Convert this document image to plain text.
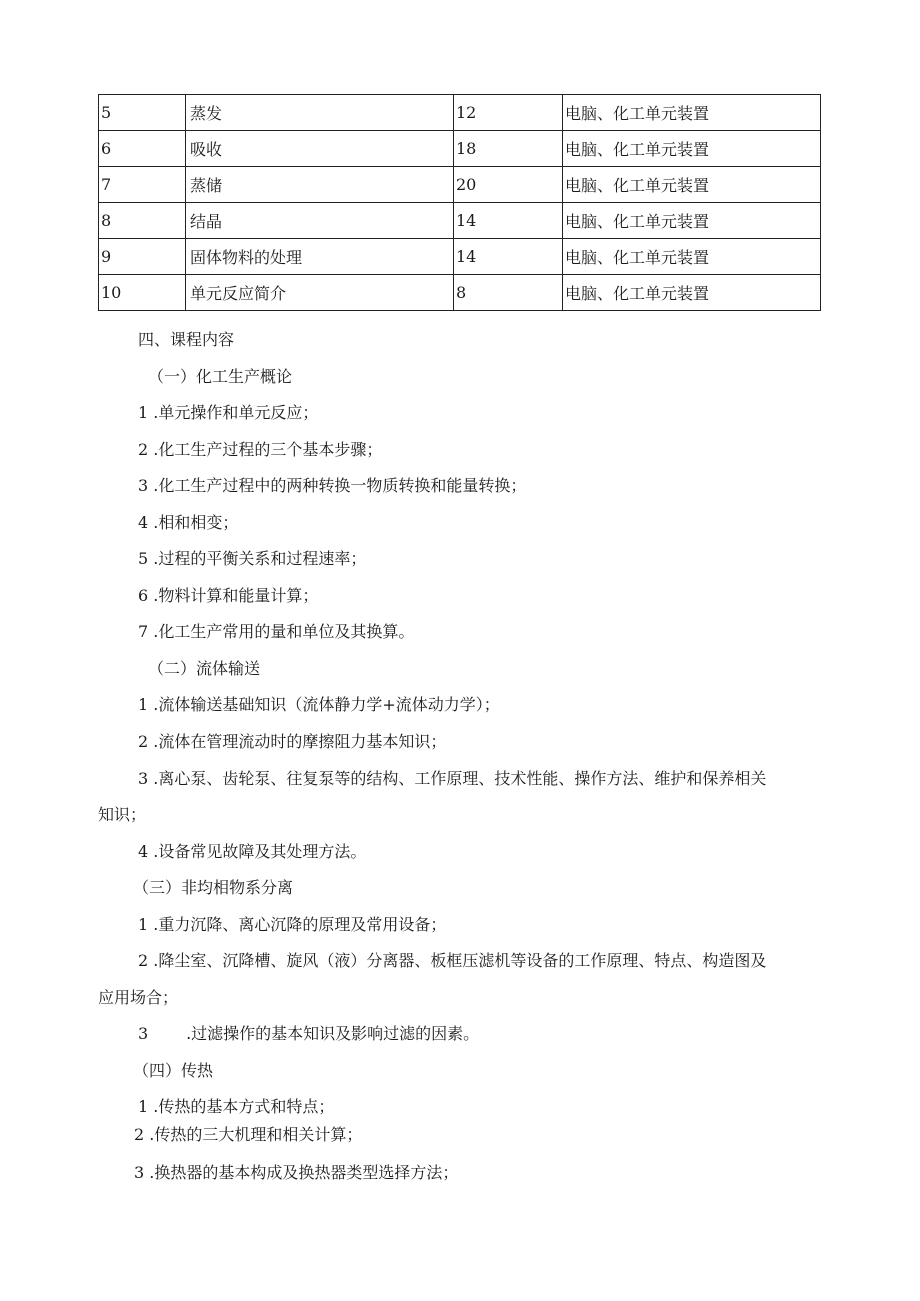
5	蒸发	12	电脑、化工单元装置
6	吸收	18	电脑、化工单元装置
7	蒸储	20	电脑、化工单元装置
8	结晶	14	电脑、化工单元装置
9	固体物料的处理	14	电脑、化工单元装置
10	单元反应简介	8	电脑、化工单元装置
四、课程内容
（一）化工生产概论
1 .单元操作和单元反应；
2 .化工生产过程的三个基本步骤；
3 .化工生产过程中的两种转换一物质转换和能量转换；
4 .相和相变；
5 .过程的平衡关系和过程速率；
6 .物料计算和能量计算；
7 .化工生产常用的量和单位及其换算。
（二）流体输送
1 .流体输送基础知识（流体静力学+流体动力学）；
2 .流体在管理流动时的摩擦阻力基本知识；
3 .离心泵、齿轮泵、往复泵等的结构、工作原理、技术性能、操作方法、维护和保养相关
知识；
4 .设备常见故障及其处理方法。
（三）非均相物系分离
1 .重力沉降、离心沉降的原理及常用设备；
2 .降尘室、沉降槽、旋风（液）分离器、板框压滤机等设备的工作原理、特点、构造图及
应用场合；
3 .过滤操作的基本知识及影响过滤的因素。
（四）传热
1 .传热的基本方式和特点；
2 .传热的三大机理和相关计算；
3 .换热器的基本构成及换热器类型选择方法；
